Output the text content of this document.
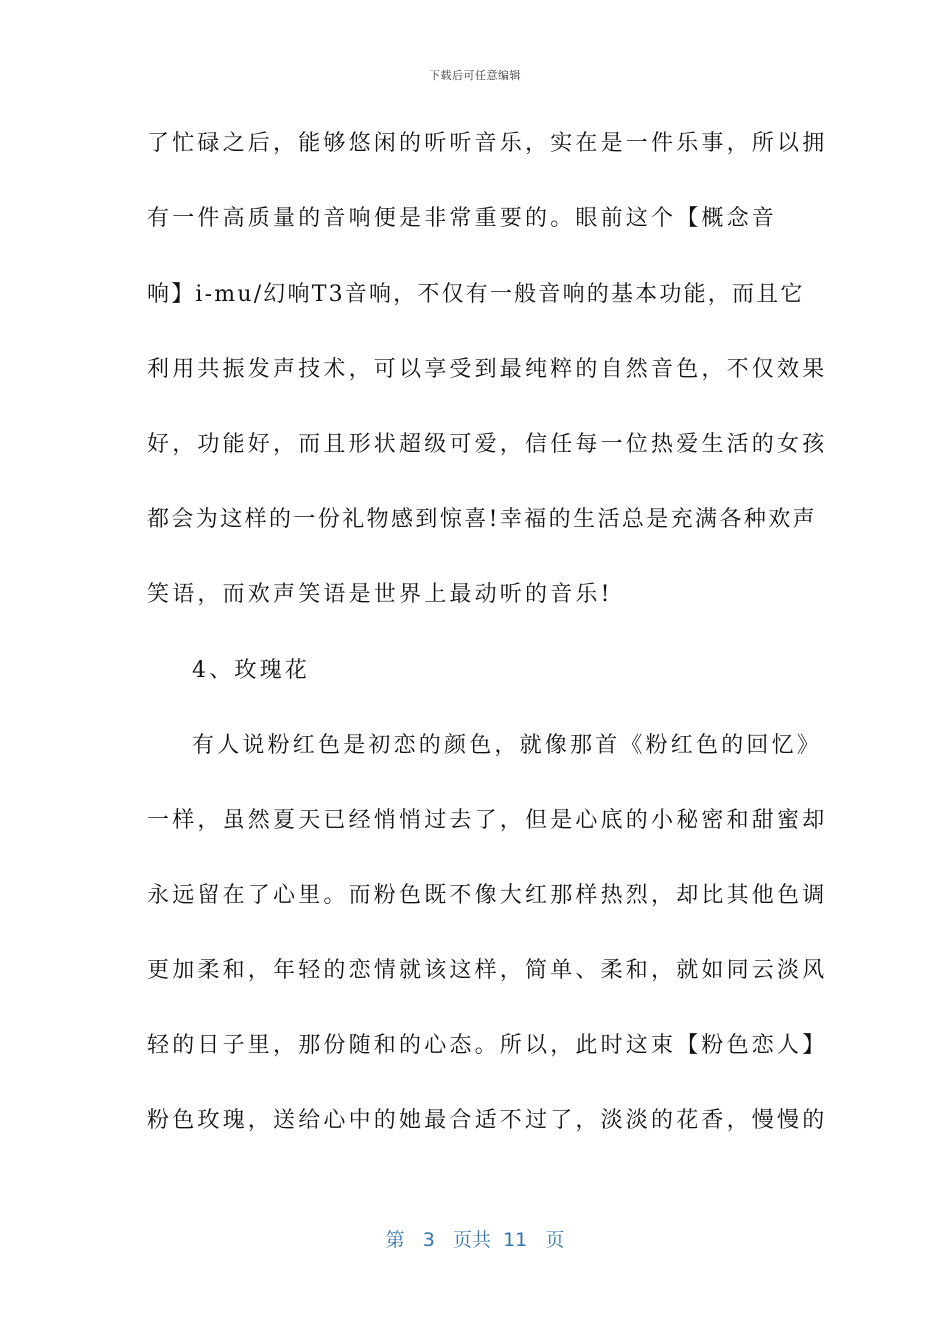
下载后可任意编辑
了忙碌之后，能够悠闲的听听音乐，实在是一件乐事，所以拥
有一件高质量的音响便是非常重要的。眼前这个【概念音
响】i-mu/幻响T3音响，不仅有一般音响的基本功能，而且它
利用共振发声技术，可以享受到最纯粹的自然音色，不仅效果
好，功能好，而且形状超级可爱，信任每一位热爱生活的女孩
都会为这样的一份礼物感到惊喜!幸福的生活总是充满各种欢声
笑语，而欢声笑语是世界上最动听的音乐!
4、玫瑰花
有人说粉红色是初恋的颜色，就像那首《粉红色的回忆》
一样，虽然夏天已经悄悄过去了，但是心底的小秘密和甜蜜却
永远留在了心里。而粉色既不像大红那样热烈，却比其他色调
更加柔和，年轻的恋情就该这样，简单、柔和，就如同云淡风
轻的日子里，那份随和的心态。所以，此时这束【粉色恋人】
粉色玫瑰，送给心中的她最合适不过了，淡淡的花香，慢慢的
第 3 页共 11 页
